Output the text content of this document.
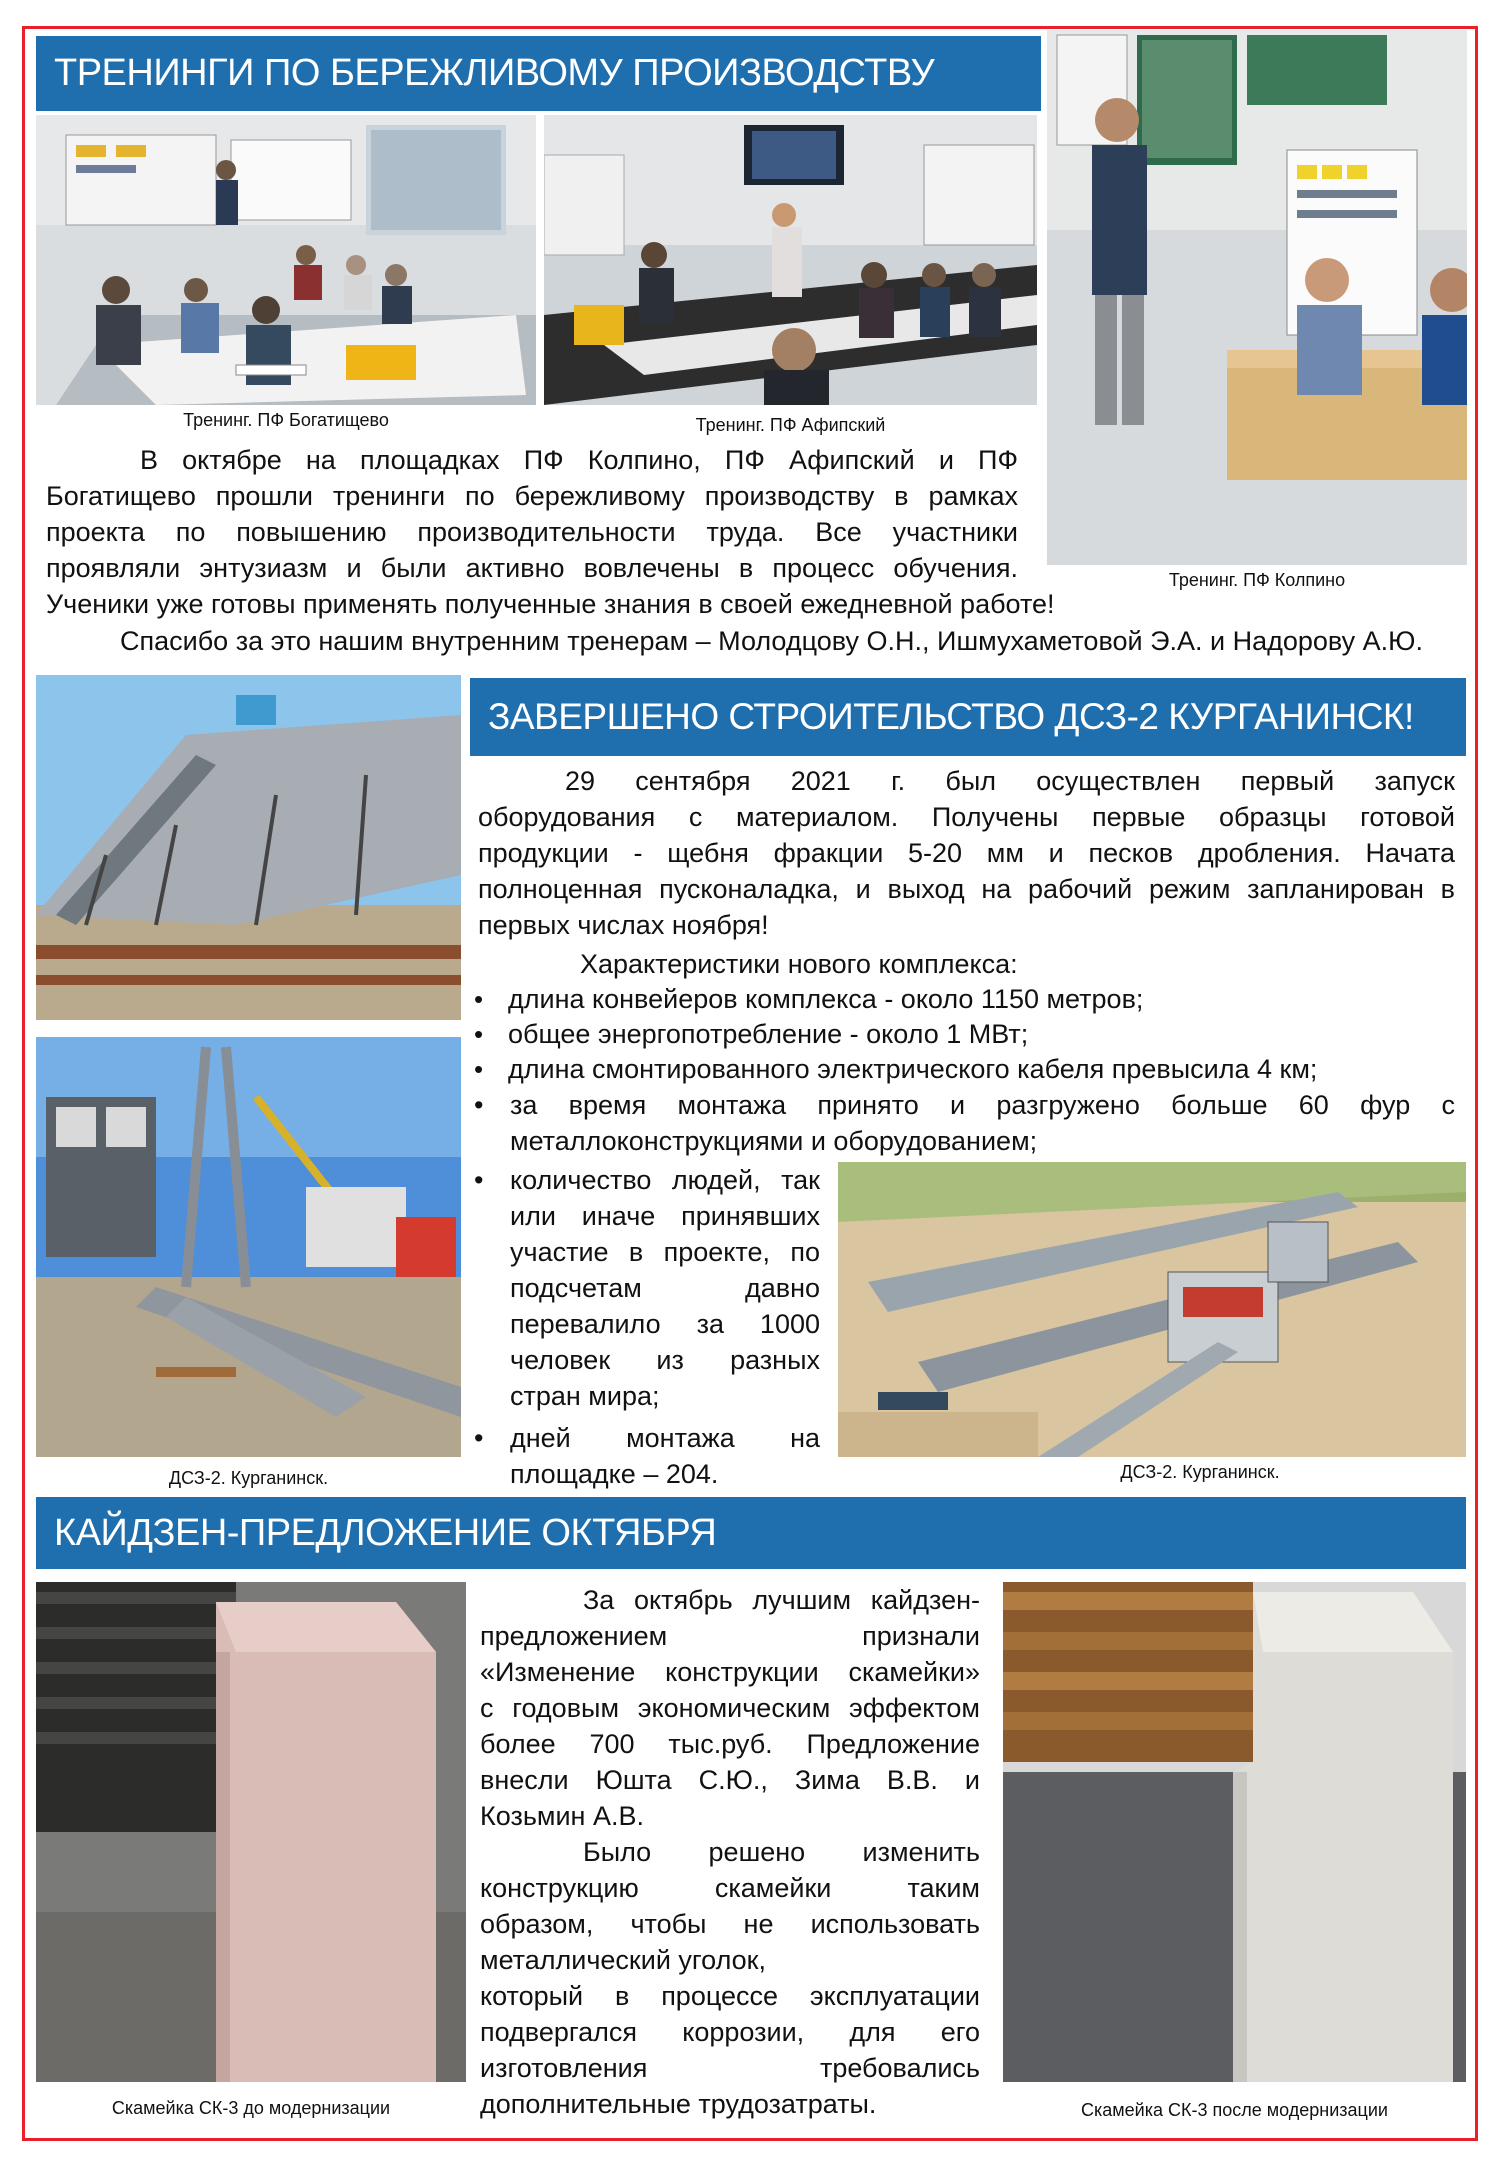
ТРЕНИНГИ ПО БЕРЕЖЛИВОМУ ПРОИЗВОДСТВУ
Тренинг. ПФ Богатищево	Тренинг. ПФ Афипский
Тренинг. ПФ Колпино
В октябре на площадках ПФ Колпино, ПФ Афипский и ПФ
Богатищево прошли тренинги по бережливому производству в рамках
проекта по повышению производительности труда. Все участники
проявляли энтузиазм и были активно вовлечены в процесс обучения.
Ученики уже готовы применять полученные знания в своей ежедневной работе!
Спасибо за это нашим внутренним тренерам – Молодцову О.Н., Ишмухаметовой Э.А. и Надорову А.Ю.
ДСЗ-2. Курганинск.
ЗАВЕРШЕНО СТРОИТЕЛЬСТВО ДСЗ-2 КУРГАНИНСК!
29 сентября 2021 г. был осуществлен первый запуск
оборудования с материалом. Получены первые образцы готовой
продукции - щебня фракции 5-20 мм и песков дробления. Начата
полноценная пусконаладка, и выход на рабочий режим запланирован в
первых числах ноября!
Характеристики нового комплекса:
• длина конвейеров комплекса - около 1150 метров;
• общее энергопотребление - около 1 МВт;
• длина смонтированного электрического кабеля превысила 4 км;
• за время монтажа принято и разгружено больше 60 фур с
металлоконструкциями и оборудованием;
• количество людей, так
или иначе принявших
участие в проекте, по
подсчетам давно
перевалило за 1000
человек из разных
стран мира;
• дней монтажа на
площадке – 204.	ДСЗ-2. Курганинск.
КАЙДЗЕН-ПРЕДЛОЖЕНИЕ ОКТЯБРЯ
Скамейка СК-3 до модернизации
За октябрь лучшим кайдзен-
предложением признали
«Изменение конструкции скамейки»
с годовым экономическим эффектом
более 700 тыс.руб. Предложение
внесли Юшта С.Ю., Зима В.В. и
Козьмин А.В.
Было решено изменить
конструкцию скамейки таким
образом, чтобы не использовать
металлический уголок,
который в процессе эксплуатации
подвергался коррозии, для его
изготовления требовались
дополнительные трудозатраты.	Скамейка СК-3 после модернизации
